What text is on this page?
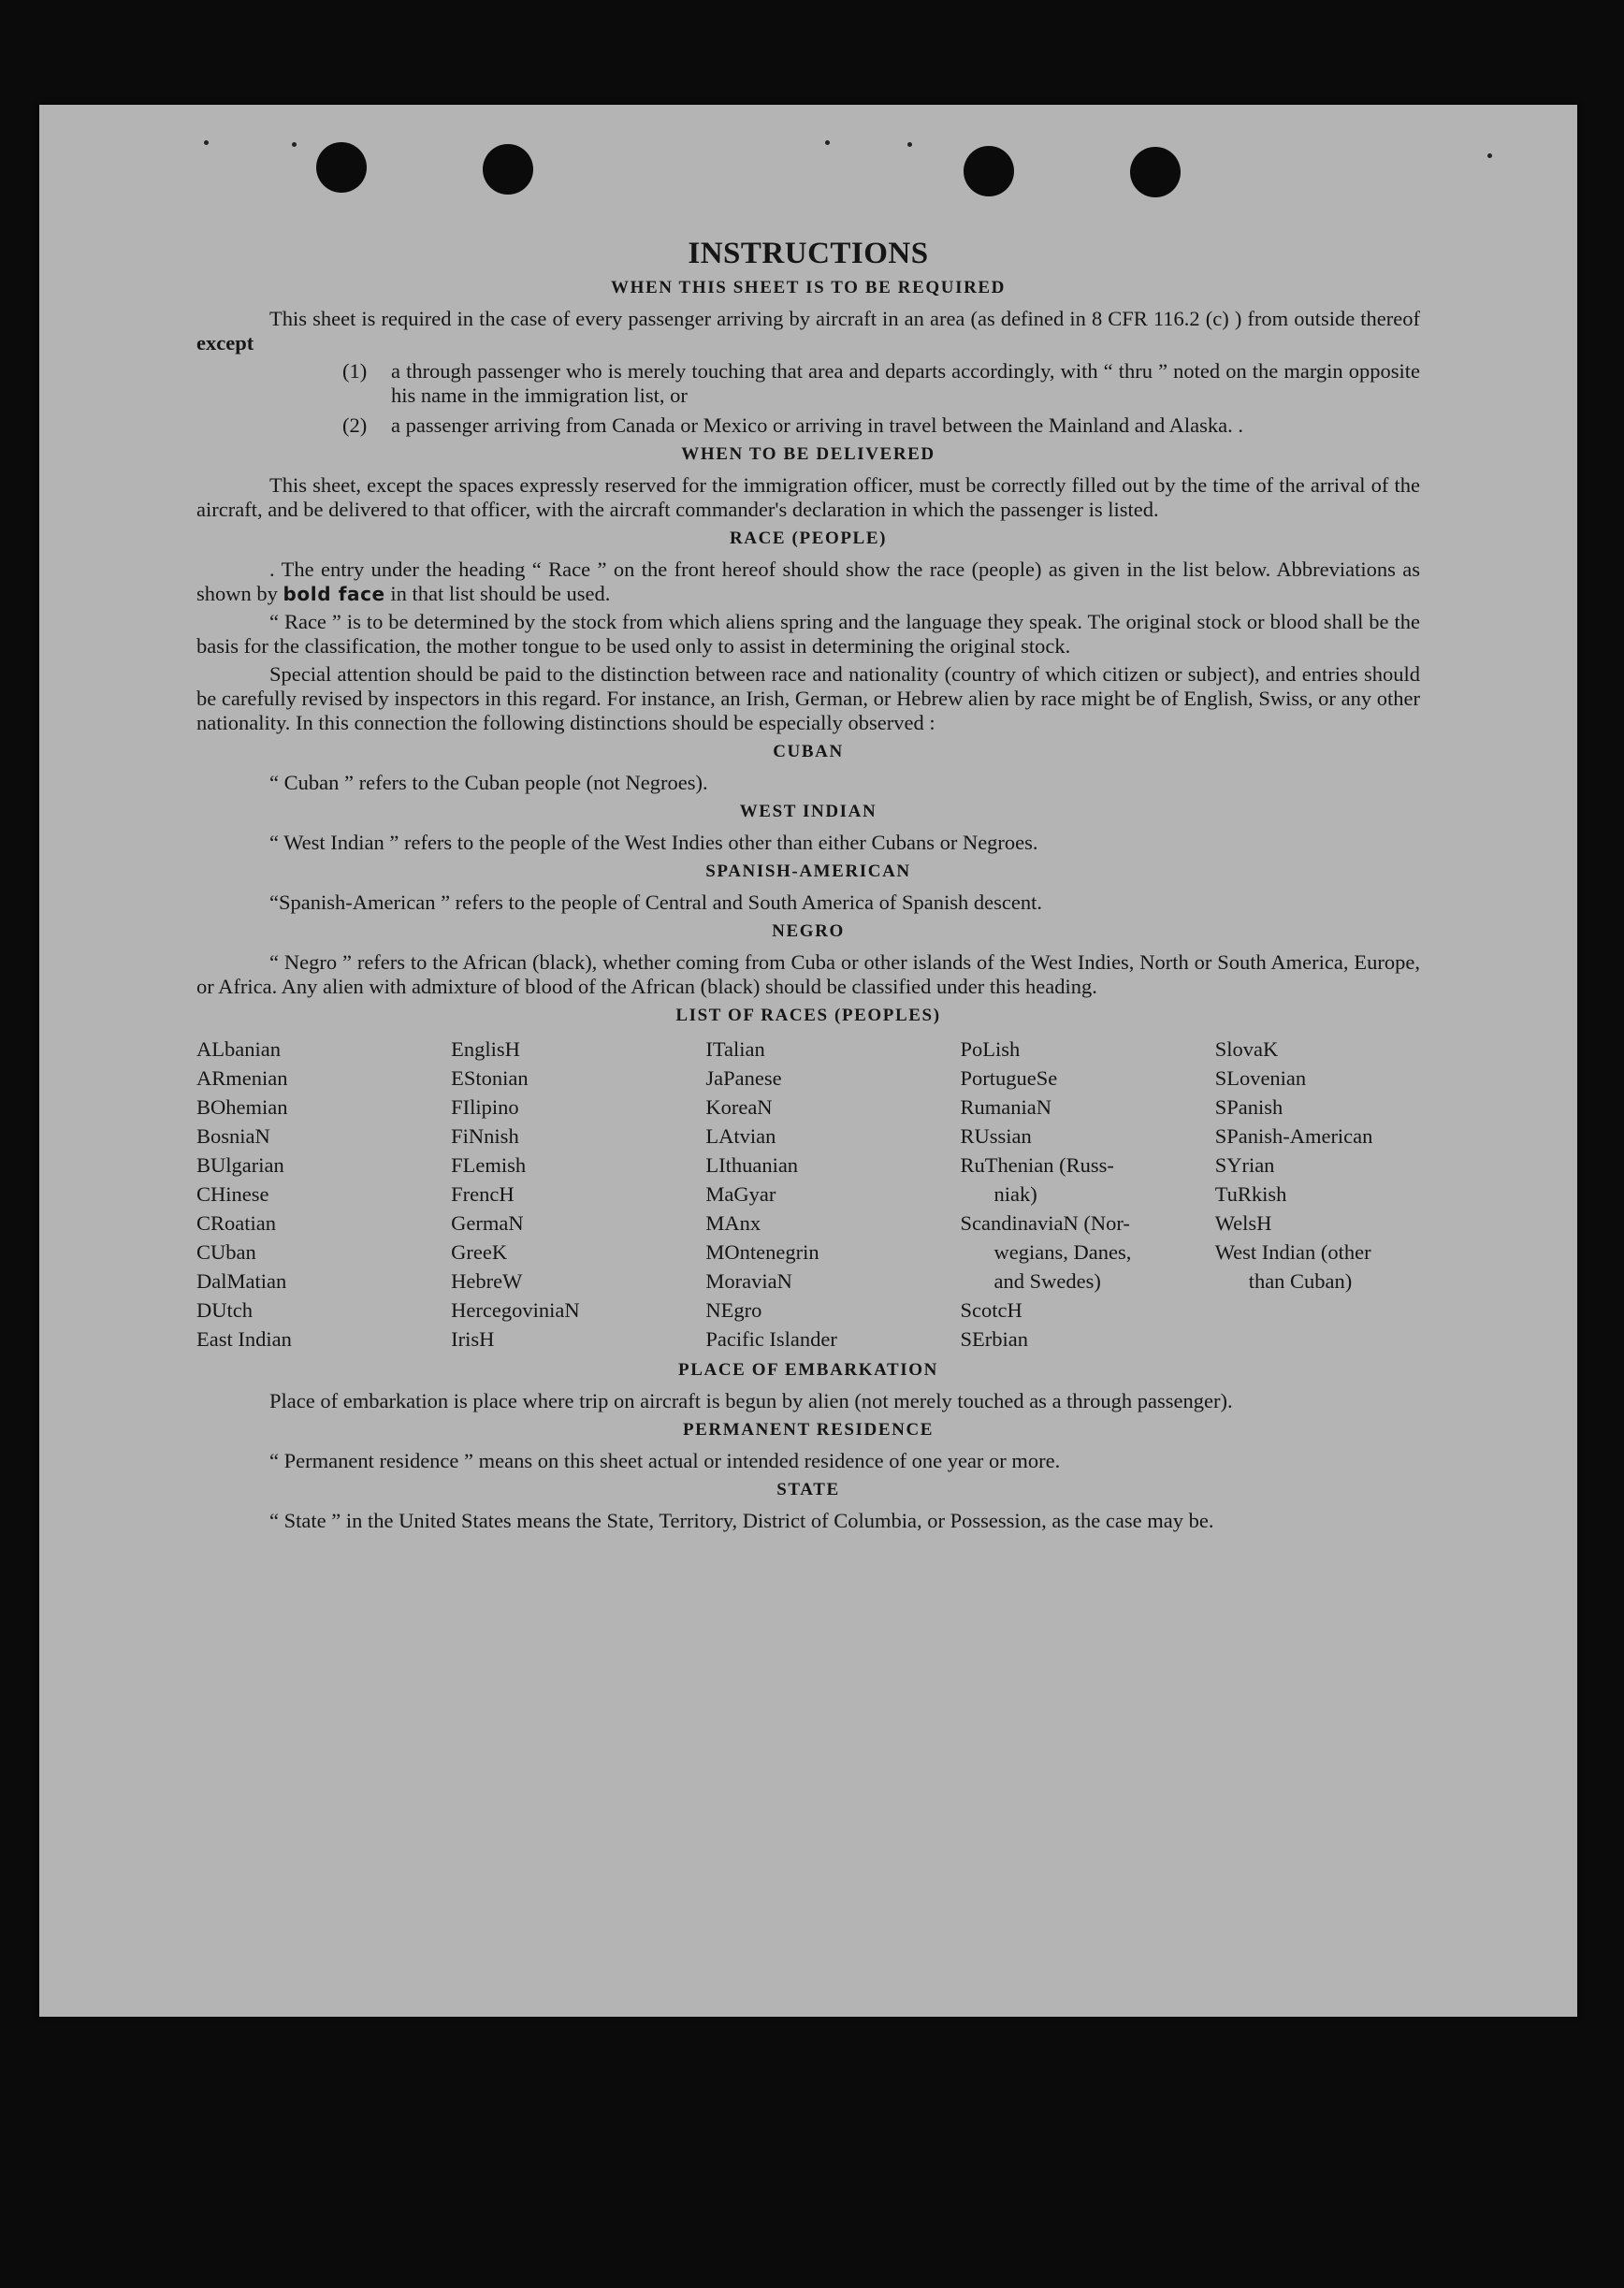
INSTRUCTIONS
WHEN THIS SHEET IS TO BE REQUIRED

This sheet is required in the case of every passenger arriving by aircraft in an area (as defined in 8 CFR 116.2 (c) ) from outside thereof except

(1)	a through passenger who is merely touching that area and departs accordingly, with “ thru ” noted on the margin opposite his name in the immigration list, or
(2)	a passenger arriving from Canada or Mexico or arriving in travel between the Mainland and Alaska. .
WHEN TO BE DELIVERED

This sheet, except the spaces expressly reserved for the immigration officer, must be correctly filled out by the time of the arrival of the aircraft, and be delivered to that officer, with the aircraft commander's declaration in which the passenger is listed.

RACE (PEOPLE)

. The entry under the heading “ Race ” on the front hereof should show the race (people) as given in the list below. Abbreviations as shown by bold face in that list should be used.

“ Race ” is to be determined by the stock from which aliens spring and the language they speak. The original stock or blood shall be the basis for the classification, the mother tongue to be used only to assist in determining the original stock.

Special attention should be paid to the distinction between race and nationality (country of which citizen or subject), and entries should be carefully revised by inspectors in this regard. For instance, an Irish, German, or Hebrew alien by race might be of English, Swiss, or any other nationality. In this connection the following distinctions should be especially observed :

CUBAN

“ Cuban ” refers to the Cuban people (not Negroes).

WEST INDIAN

“ West Indian ” refers to the people of the West Indies other than either Cubans or Negroes.

SPANISH-AMERICAN

“Spanish-American ” refers to the people of Central and South America of Spanish descent.

NEGRO

“ Negro ” refers to the African (black), whether coming from Cuba or other islands of the West Indies, North or South America, Europe, or Africa. Any alien with admixture of blood of the African (black) should be classified under this heading.

LIST OF RACES (PEOPLES)
ALbanian
ARmenian
BOhemian
BosniaN
BUlgarian
CHinese
CRoatian
CUban
DalMatian
DUtch
East Indian
EnglisH
EStonian
FIlipino
FiNnish
FLemish
FrencH
GermaN
GreeK
HebreW
HercegoviniaN
IrisH
ITalian
JaPanese
KoreaN
LAtvian
LIthuanian
MaGyar
MAnx
MOntenegrin
MoraviaN
NEgro
Pacific Islander
PoLish
PortugueSe
RumaniaN
RUssian
RuThenian (Russ-
niak)
ScandinaviaN (Nor-
wegians, Danes,
and Swedes)
ScotcH
SErbian
SlovaK
SLovenian
SPanish
SPanish-American
SYrian
TuRkish
WelsH
West Indian (other
than Cuban)
PLACE OF EMBARKATION

Place of embarkation is place where trip on aircraft is begun by alien (not merely touched as a through passenger).

PERMANENT RESIDENCE

“ Permanent residence ” means on this sheet actual or intended residence of one year or more.

STATE

“ State ” in the United States means the State, Territory, District of Columbia, or Possession, as the case may be.
